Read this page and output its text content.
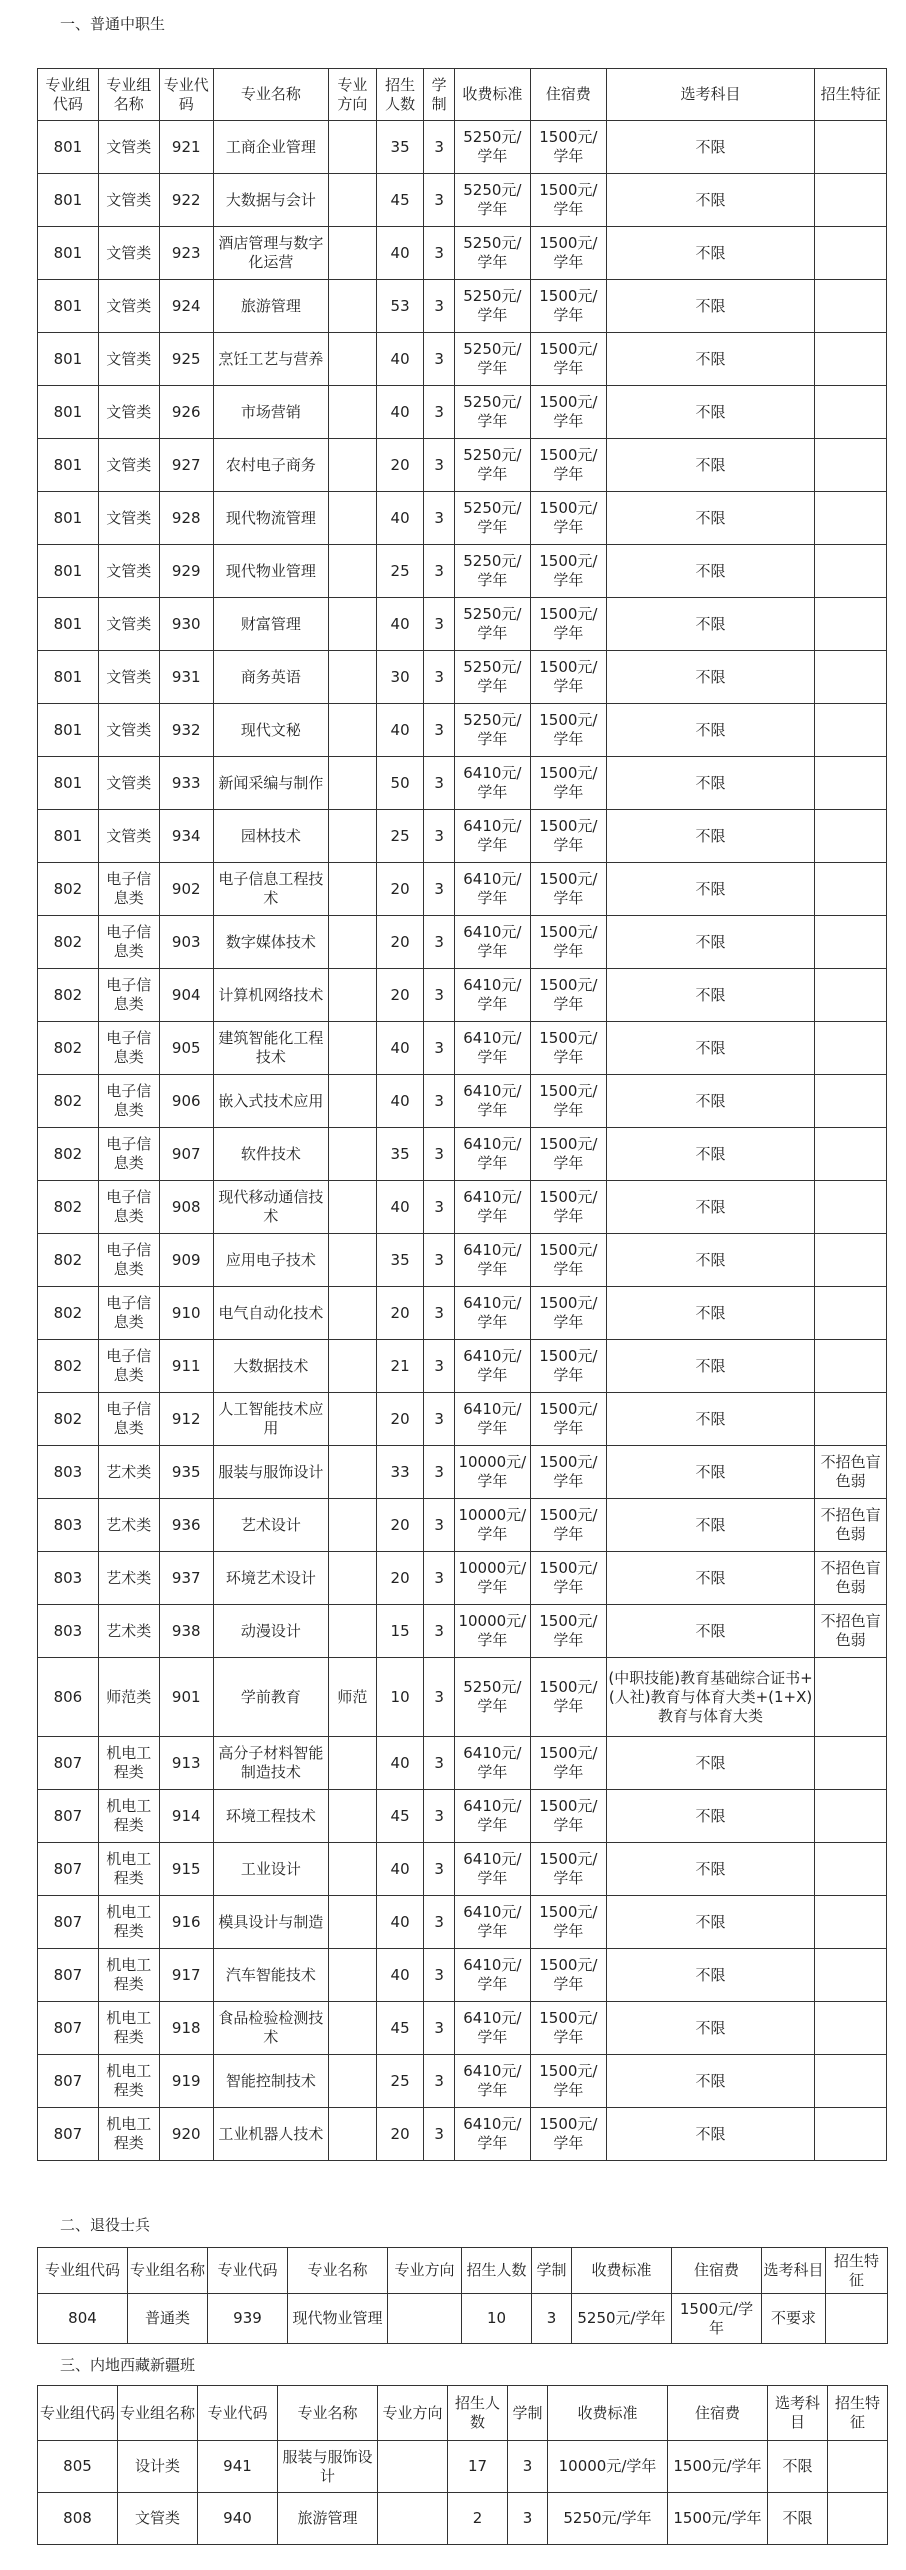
一、普通中职生
专业组代码	专业组名称	专业代码	专业名称	专业方向	招生人数	学制	收费标准	住宿费	选考科目	招生特征
801	文管类	921	工商企业管理		35	3	5250元/学年	1500元/学年	不限	
801	文管类	922	大数据与会计		45	3	5250元/学年	1500元/学年	不限	
801	文管类	923	酒店管理与数字化运营		40	3	5250元/学年	1500元/学年	不限	
801	文管类	924	旅游管理		53	3	5250元/学年	1500元/学年	不限	
801	文管类	925	烹饪工艺与营养		40	3	5250元/学年	1500元/学年	不限	
801	文管类	926	市场营销		40	3	5250元/学年	1500元/学年	不限	
801	文管类	927	农村电子商务		20	3	5250元/学年	1500元/学年	不限	
801	文管类	928	现代物流管理		40	3	5250元/学年	1500元/学年	不限	
801	文管类	929	现代物业管理		25	3	5250元/学年	1500元/学年	不限	
801	文管类	930	财富管理		40	3	5250元/学年	1500元/学年	不限	
801	文管类	931	商务英语		30	3	5250元/学年	1500元/学年	不限	
801	文管类	932	现代文秘		40	3	5250元/学年	1500元/学年	不限	
801	文管类	933	新闻采编与制作		50	3	6410元/学年	1500元/学年	不限	
801	文管类	934	园林技术		25	3	6410元/学年	1500元/学年	不限	
802	电子信息类	902	电子信息工程技术		20	3	6410元/学年	1500元/学年	不限	
802	电子信息类	903	数字媒体技术		20	3	6410元/学年	1500元/学年	不限	
802	电子信息类	904	计算机网络技术		20	3	6410元/学年	1500元/学年	不限	
802	电子信息类	905	建筑智能化工程技术		40	3	6410元/学年	1500元/学年	不限	
802	电子信息类	906	嵌入式技术应用		40	3	6410元/学年	1500元/学年	不限	
802	电子信息类	907	软件技术		35	3	6410元/学年	1500元/学年	不限	
802	电子信息类	908	现代移动通信技术		40	3	6410元/学年	1500元/学年	不限	
802	电子信息类	909	应用电子技术		35	3	6410元/学年	1500元/学年	不限	
802	电子信息类	910	电气自动化技术		20	3	6410元/学年	1500元/学年	不限	
802	电子信息类	911	大数据技术		21	3	6410元/学年	1500元/学年	不限	
802	电子信息类	912	人工智能技术应用		20	3	6410元/学年	1500元/学年	不限	
803	艺术类	935	服装与服饰设计		33	3	10000元/学年	1500元/学年	不限	不招色盲色弱
803	艺术类	936	艺术设计		20	3	10000元/学年	1500元/学年	不限	不招色盲色弱
803	艺术类	937	环境艺术设计		20	3	10000元/学年	1500元/学年	不限	不招色盲色弱
803	艺术类	938	动漫设计		15	3	10000元/学年	1500元/学年	不限	不招色盲色弱
806	师范类	901	学前教育	师范	10	3	5250元/学年	1500元/学年	(中职技能)教育基础综合证书+(人社)教育与体育大类+(1+X)教育与体育大类	
807	机电工程类	913	高分子材料智能制造技术		40	3	6410元/学年	1500元/学年	不限	
807	机电工程类	914	环境工程技术		45	3	6410元/学年	1500元/学年	不限	
807	机电工程类	915	工业设计		40	3	6410元/学年	1500元/学年	不限	
807	机电工程类	916	模具设计与制造		40	3	6410元/学年	1500元/学年	不限	
807	机电工程类	917	汽车智能技术		40	3	6410元/学年	1500元/学年	不限	
807	机电工程类	918	食品检验检测技术		45	3	6410元/学年	1500元/学年	不限	
807	机电工程类	919	智能控制技术		25	3	6410元/学年	1500元/学年	不限	
807	机电工程类	920	工业机器人技术		20	3	6410元/学年	1500元/学年	不限	
二、退役士兵
专业组代码	专业组名称	专业代码	专业名称	专业方向	招生人数	学制	收费标准	住宿费	选考科目	招生特征
804	普通类	939	现代物业管理		10	3	5250元/学年	1500元/学年	不要求	
三、内地西藏新疆班
专业组代码	专业组名称	专业代码	专业名称	专业方向	招生人数	学制	收费标准	住宿费	选考科目	招生特征
805	设计类	941	服装与服饰设计		17	3	10000元/学年	1500元/学年	不限	
808	文管类	940	旅游管理		2	3	5250元/学年	1500元/学年	不限	
